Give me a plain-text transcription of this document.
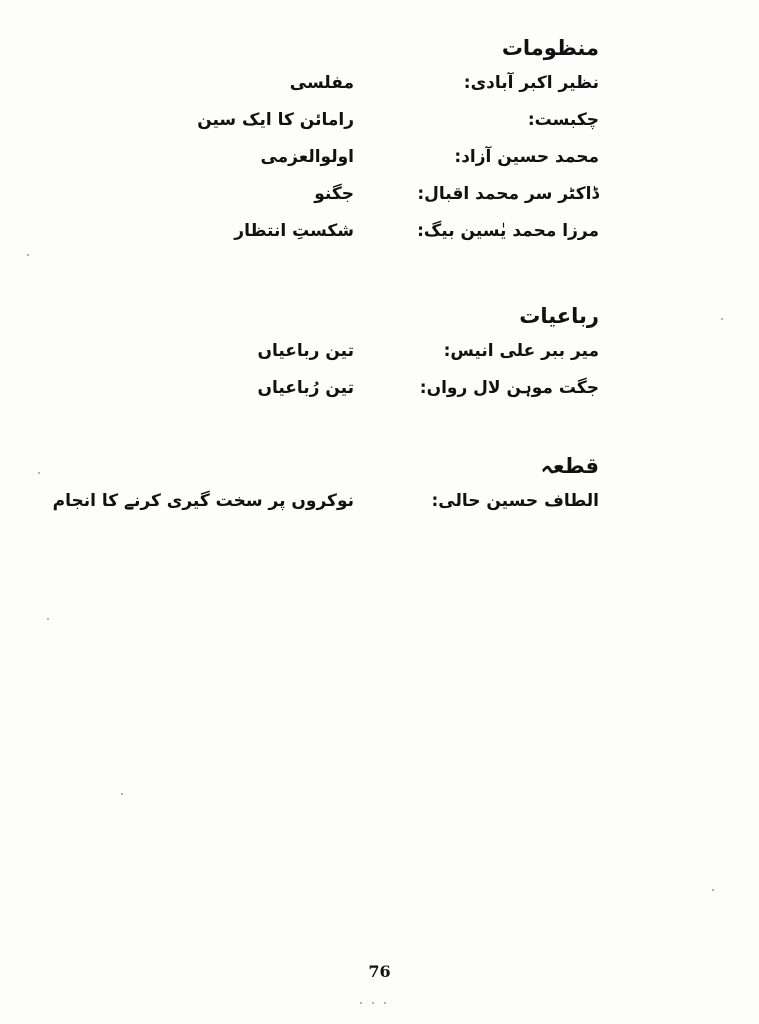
منظومات
نظیر اکبر آبادی:
مفلسی
چکبست:
رامائن کا ایک سین
محمد حسین آزاد:
اولوالعزمی
ڈاکٹر سر محمد اقبال:
جگنو
مرزا محمد یٰسین بیگ:
شکستِ انتظار
رباعیات
میر ببر علی انیس:
تین رباعیاں
جگت موہن لال رواں:
تین رُباعیاں
قطعہ
الطاف حسین حالی:
نوکروں پر سخت گیری کرنے کا انجام
76
